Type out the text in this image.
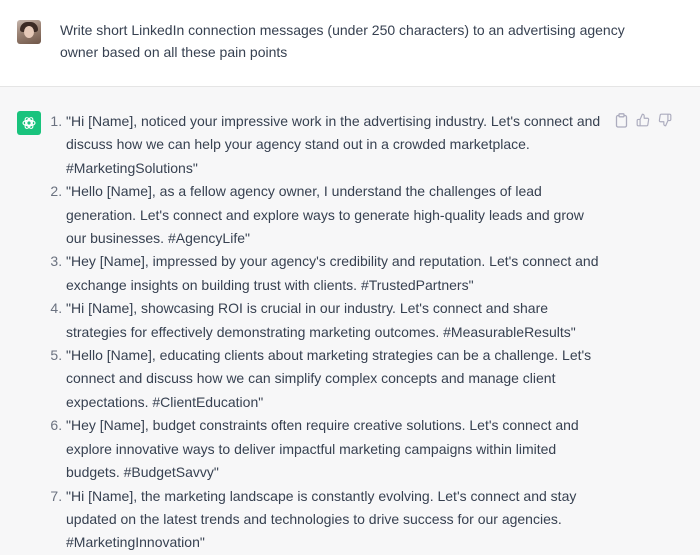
Write short LinkedIn connection messages (under 250 characters) to an advertising agency owner based on all these pain points
1. "Hi [Name], noticed your impressive work in the advertising industry. Let's connect and discuss how we can help your agency stand out in a crowded marketplace. #MarketingSolutions"
2. "Hello [Name], as a fellow agency owner, I understand the challenges of lead generation. Let's connect and explore ways to generate high-quality leads and grow our businesses. #AgencyLife"
3. "Hey [Name], impressed by your agency's credibility and reputation. Let's connect and exchange insights on building trust with clients. #TrustedPartners"
4. "Hi [Name], showcasing ROI is crucial in our industry. Let's connect and share strategies for effectively demonstrating marketing outcomes. #MeasurableResults"
5. "Hello [Name], educating clients about marketing strategies can be a challenge. Let's connect and discuss how we can simplify complex concepts and manage client expectations. #ClientEducation"
6. "Hey [Name], budget constraints often require creative solutions. Let's connect and explore innovative ways to deliver impactful marketing campaigns within limited budgets. #BudgetSavvy"
7. "Hi [Name], the marketing landscape is constantly evolving. Let's connect and stay updated on the latest trends and technologies to drive success for our agencies. #MarketingInnovation"
